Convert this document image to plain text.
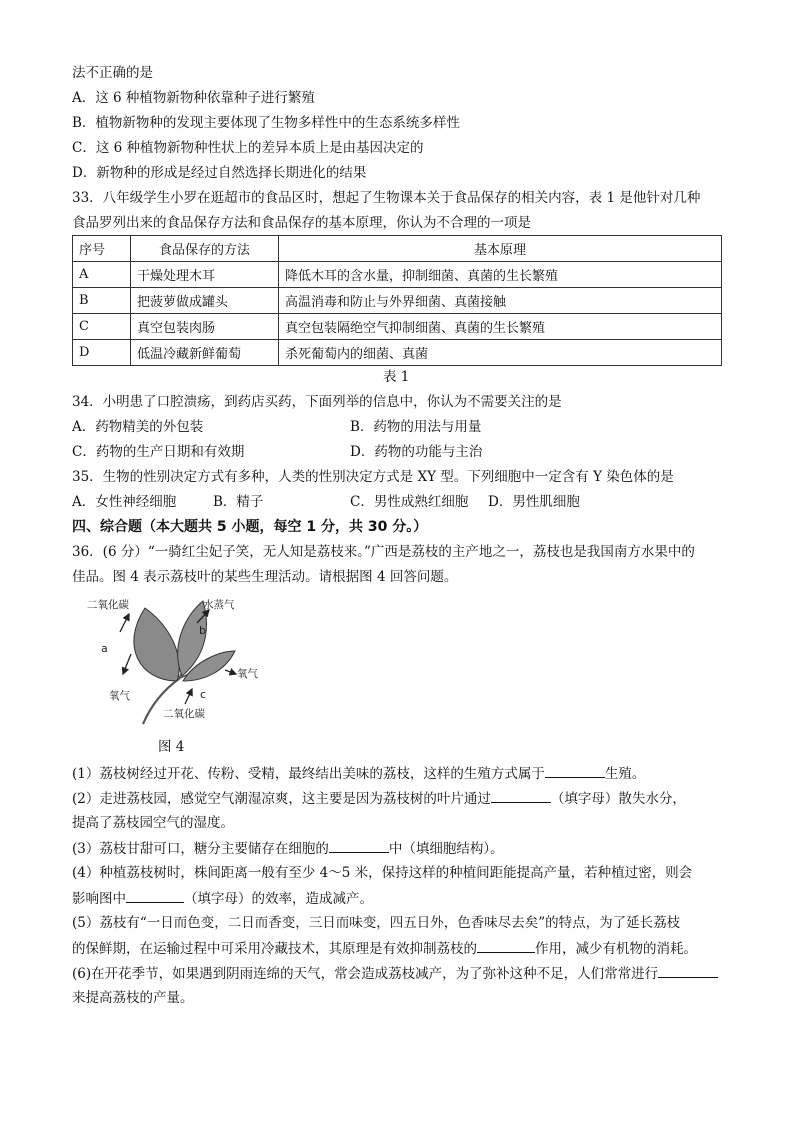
法不正确的是
A．这 6 种植物新物种依靠种子进行繁殖
B．植物新物种的发现主要体现了生物多样性中的生态系统多样性
C．这 6 种植物新物种性状上的差异本质上是由基因决定的
D．新物种的形成是经过自然选择长期进化的结果
33．八年级学生小罗在逛超市的食品区时，想起了生物课本关于食品保存的相关内容，表 1 是他针对几种
食品罗列出来的食品保存方法和食品保存的基本原理，你认为不合理的一项是
序号	食品保存的方法	基本原理
A	干燥处理木耳	降低木耳的含水量，抑制细菌、真菌的生长繁殖
B	把菠萝做成罐头	高温消毒和防止与外界细菌、真菌接触
C	真空包装肉肠	真空包装隔绝空气抑制细菌、真菌的生长繁殖
D	低温冷藏新鲜葡萄	杀死葡萄内的细菌、真菌
表 1
34．小明患了口腔溃疡，到药店买药，下面列举的信息中，你认为不需要关注的是
A．药物精美的外包装	B．药物的用法与用量
C．药物的生产日期和有效期	D．药物的功能与主治
35．生物的性别决定方式有多种，人类的性别决定方式是 XY 型。下列细胞中一定含有 Y 染色体的是
A．女性神经细胞	B．精子	C．男性成熟红细胞 D．男性肌细胞
四、综合题（本大题共 5 小题，每空 1 分，共 30 分。）
36．(6 分）“一骑红尘妃子笑，无人知是荔枝来。”广西是荔枝的主产地之一，荔枝也是我国南方水果中的
佳品。图 4 表示荔枝叶的某些生理活动。请根据图 4 回答问题。
二氧化碳	水蒸气
a
b
氧气
氧气	c
二氧化碳
图 4
(1）荔枝树经过开花、传粉、受精，最终结出美味的荔枝，这样的生殖方式属于	生殖。
(2）走进荔枝园，感觉空气潮湿凉爽，这主要是因为荔枝树的叶片通过	（填字母）散失水分，
提高了荔枝园空气的湿度。
(3）荔枝甘甜可口，糖分主要储存在细胞的	中（填细胞结构）。
(4）种植荔枝树时，株间距离一般有至少 4～5 米，保持这样的种植间距能提高产量，若种植过密，则会
影响图中	（填字母）的效率，造成减产。
(5）荔枝有“一日而色变，二日而香变，三日而味变，四五日外，色香味尽去矣”的特点，为了延长荔枝
的保鲜期，在运输过程中可采用冷藏技术，其原理是有效抑制荔枝的	作用，减少有机物的消耗。
(6)在开花季节，如果遇到阴雨连绵的天气，常会造成荔枝减产，为了弥补这种不足，人们常常进行
来提高荔枝的产量。
